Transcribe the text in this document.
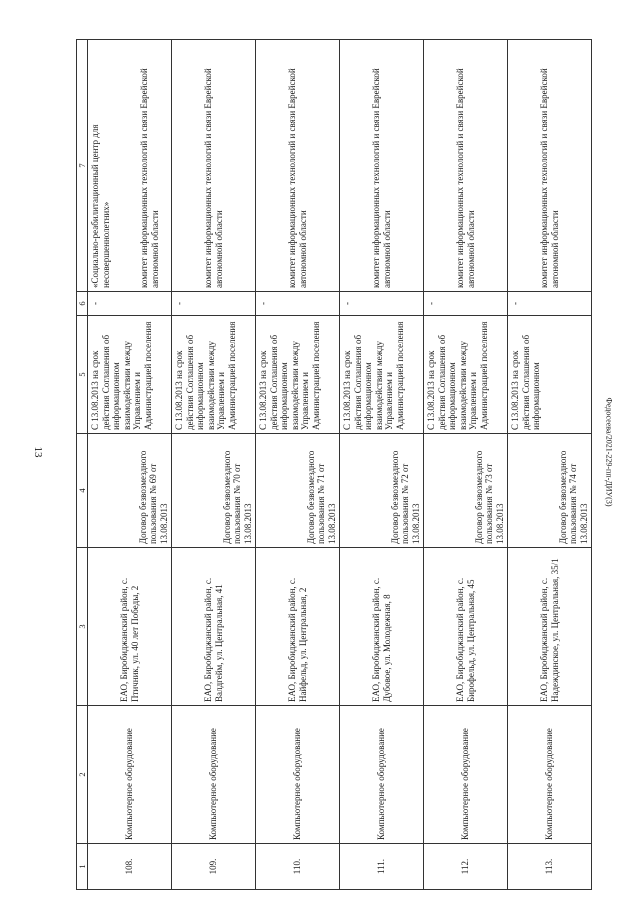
13	Федосеева/2021-229-пп-ДИУ(3)
1	2	3	4	5	6	7
108.	Компьютерное оборудование	ЕАО, Биробиджанский район, с. Птичник, ул. 40 лет Победы, 2	Договор безвозмездного пользования № 69 от 13.08.2013	С 13.08.2013 на срок действия Соглашения об информационном взаимодействии между Управлением и Администрацией поселения	-	«Социально-реабилитационный центр для несовершеннолетних» комитет информационных технологий и связи Еврейской автономной области

109.	Компьютерное оборудование	ЕАО, Биробиджанский район, с. Валдгейм, ул. Центральная, 41	Договор безвозмездного пользования № 70 от 13.08.2013	С 13.08.2013 на срок действия Соглашения об информационном взаимодействии между Управлением и Администрацией поселения	-	комитет информационных технологий и связи Еврейской автономной области
110.	Компьютерное оборудование	ЕАО, Биробиджанский район, с. Найфельд, ул. Центральная, 2	Договор безвозмездного пользования № 71 от 13.08.2013	С 13.08.2013 на срок действия Соглашения об информационном взаимодействии между Управлением и Администрацией поселения	-	комитет информационных технологий и связи Еврейской автономной области
111.	Компьютерное оборудование	ЕАО, Биробиджанский район, с. Дубовое, ул. Молодежная, 8	Договор безвозмездного пользования № 72 от 13.08.2013	С 13.08.2013 на срок действия Соглашения об информационном взаимодействии между Управлением и Администрацией поселения	-	комитет информационных технологий и связи Еврейской автономной области
112.	Компьютерное оборудование	ЕАО, Биробиджанский район, с. Бирофельд, ул. Центральная, 45	Договор безвозмездного пользования № 73 от 13.08.2013	С 13.08.2013 на срок действия Соглашения об информационном взаимодействии между Управлением и Администрацией поселения	-	комитет информационных технологий и связи Еврейской автономной области
113.	Компьютерное оборудование	ЕАО, Биробиджанский район, с. Надеждинское, ул. Центральная, 35/1	Договор безвозмездного пользования № 74 от 13.08.2013	С 13.08.2013 на срок действия Соглашения об информационном	-	комитет информационных технологий и связи Еврейской автономной области
